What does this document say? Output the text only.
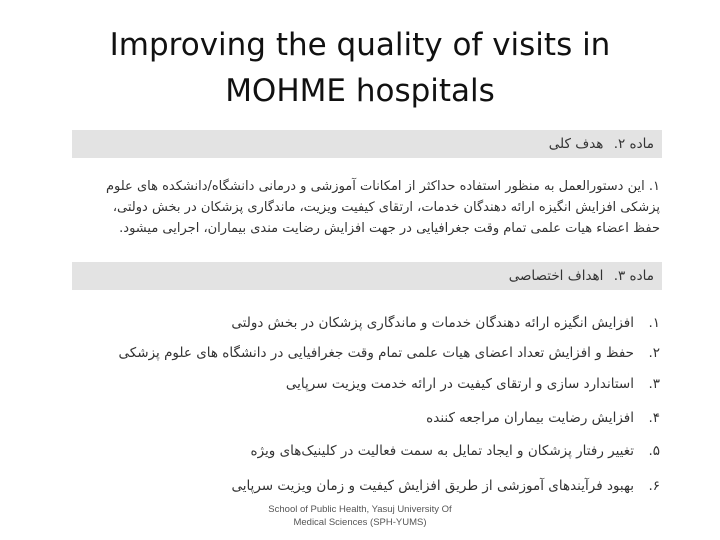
Improving the quality of visits in
MOHME hospitals
ماده ۲. هدف کلی
۱. این دستورالعمل به منظور استفاده حداکثر از امکانات آموزشی و درمانی دانشگاه/دانشکده های علوم
پزشکی افزایش انگیزه ارائه دهندگان خدمات، ارتقای کیفیت ویزیت، ماندگاری پزشکان در بخش دولتی،
حفظ اعضاء هیات علمی تمام وقت جغرافیایی در جهت افزایش رضایت مندی بیماران، اجرایی میشود.
ماده ۳. اهداف اختصاصی
۱.افزایش انگیزه ارائه دهندگان خدمات و ماندگاری پزشکان در بخش دولتی
۲.حفظ و افزایش تعداد اعضای هیات علمی تمام وقت جغرافیایی در دانشگاه های علوم پزشکی
۳.استاندارد سازی و ارتقای کیفیت در ارائه خدمت ویزیت سرپایی
۴.افزایش رضایت بیماران مراجعه کننده
۵.تغییر رفتار پزشکان و ایجاد تمایل به سمت فعالیت در کلینیک‌های ویژه
۶.بهبود فرآیندهای آموزشی از طریق افزایش کیفیت و زمان ویزیت سرپایی
School of Public Health, Yasuj University Of
Medical Sciences (SPH-YUMS)
